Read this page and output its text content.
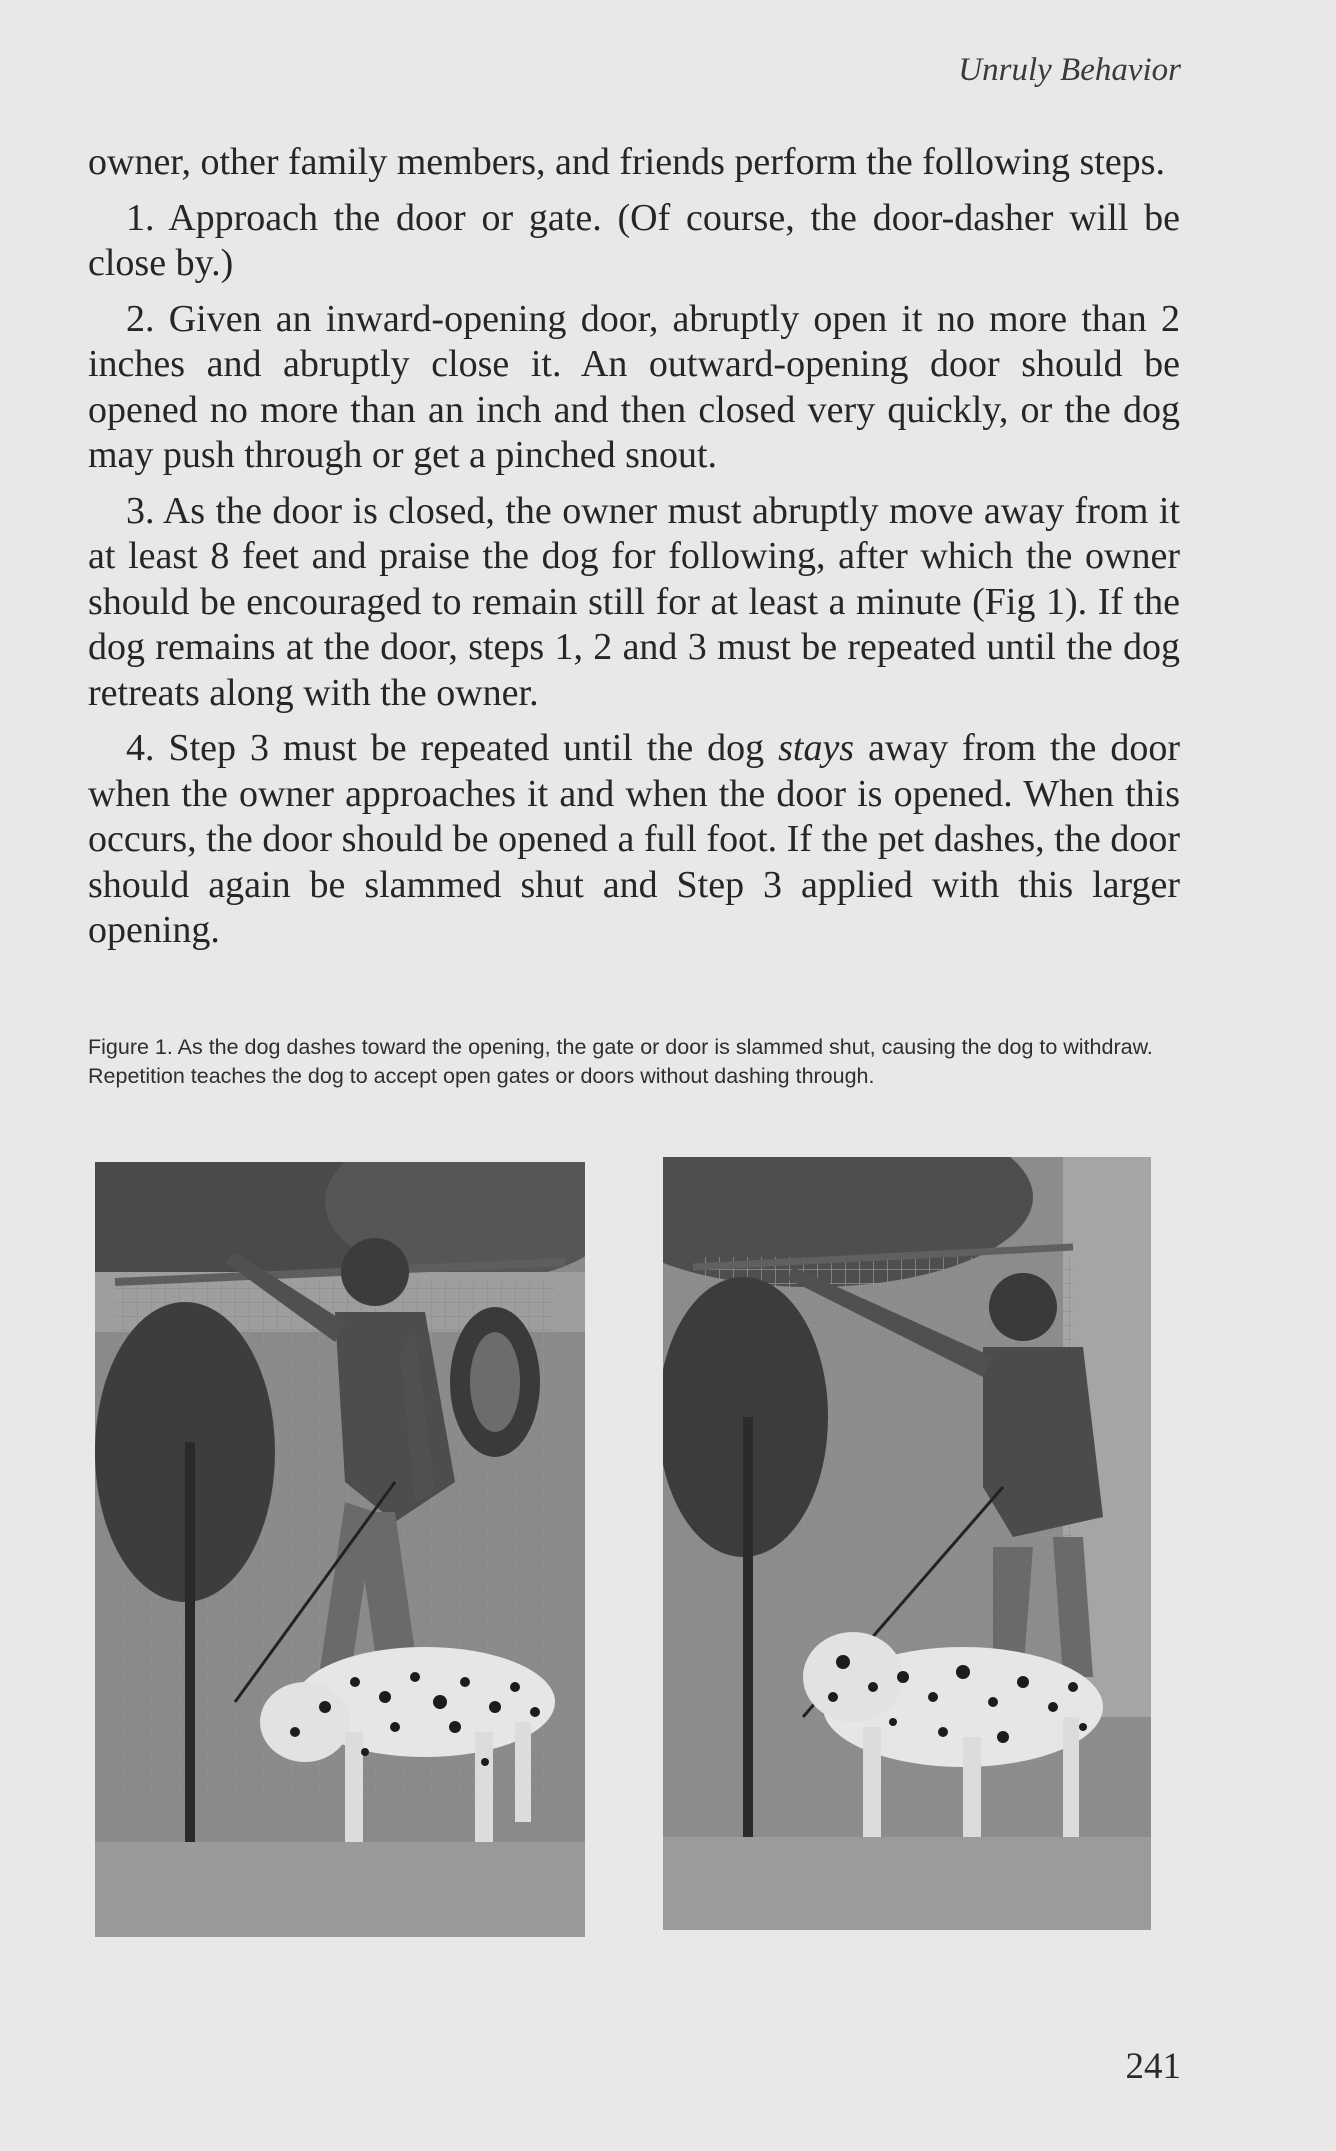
Unruly Behavior

owner, other family members, and friends perform the following steps.

1. Approach the door or gate. (Of course, the door-dasher will be close by.)

2. Given an inward-opening door, abruptly open it no more than 2 inches and abruptly close it. An outward-opening door should be opened no more than an inch and then closed very quickly, or the dog may push through or get a pinched snout.

3. As the door is closed, the owner must abruptly move away from it at least 8 feet and praise the dog for following, after which the owner should be encouraged to remain still for at least a minute (Fig 1). If the dog remains at the door, steps 1, 2 and 3 must be repeated until the dog retreats along with the owner.

4. Step 3 must be repeated until the dog stays away from the door when the owner approaches it and when the door is opened. When this occurs, the door should be opened a full foot. If the pet dashes, the door should again be slammed shut and Step 3 applied with this larger opening.

Figure 1. As the dog dashes toward the opening, the gate or door is slammed shut, causing the dog to withdraw. Repetition teaches the dog to accept open gates or doors without dashing through.
241
